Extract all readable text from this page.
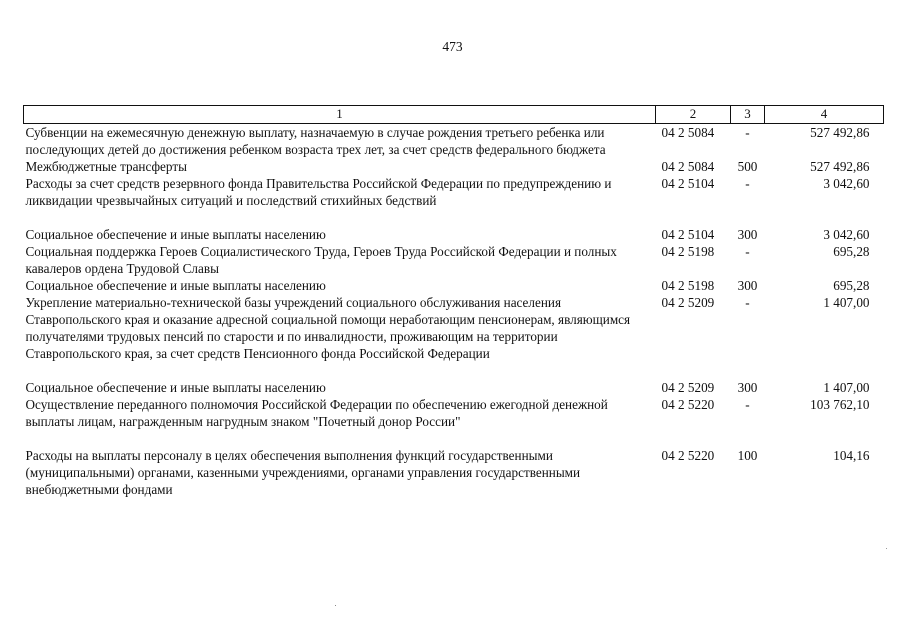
473
1	2	3	4
Субвенции на ежемесячную денежную выплату, назначаемую в случае рождения третьего ребенка или последующих детей до достижения ребенком возраста трех лет, за счет средств федерального бюджета	04 2 5084	-	527 492,86
Межбюджетные трансферты	04 2 5084	500	527 492,86
Расходы за счет средств резервного фонда Правительства Российской Федерации по предупреждению и ликвидации чрезвычайных ситуаций и последствий стихийных бедствий	04 2 5104	-	3 042,60
Социальное обеспечение и иные выплаты населению	04 2 5104	300	3 042,60
Социальная поддержка Героев Социалистического Труда, Героев Труда Российской Федерации и полных кавалеров ордена Трудовой Славы	04 2 5198	-	695,28
Социальное обеспечение и иные выплаты населению	04 2 5198	300	695,28
Укрепление материально-технической базы учреждений социального обслуживания населения Ставропольского края и оказание адресной социальной помощи неработающим пенсионерам, являющимся получателями трудовых пенсий по старости и по инвалидности, проживающим на территории Ставропольского края, за счет средств Пенсионного фонда Российской Федерации	04 2 5209	-	1 407,00
Социальное обеспечение и иные выплаты населению	04 2 5209	300	1 407,00
Осуществление переданного полномочия Российской Федерации по обеспечению ежегодной денежной выплаты лицам, награжденным нагрудным знаком "Почетный донор России"	04 2 5220	-	103 762,10
Расходы на выплаты персоналу в целях обеспечения выполнения функций государственными (муниципальными) органами, казенными учреждениями, органами управления государственными внебюджетными фондами	04 2 5220	100	104,16
